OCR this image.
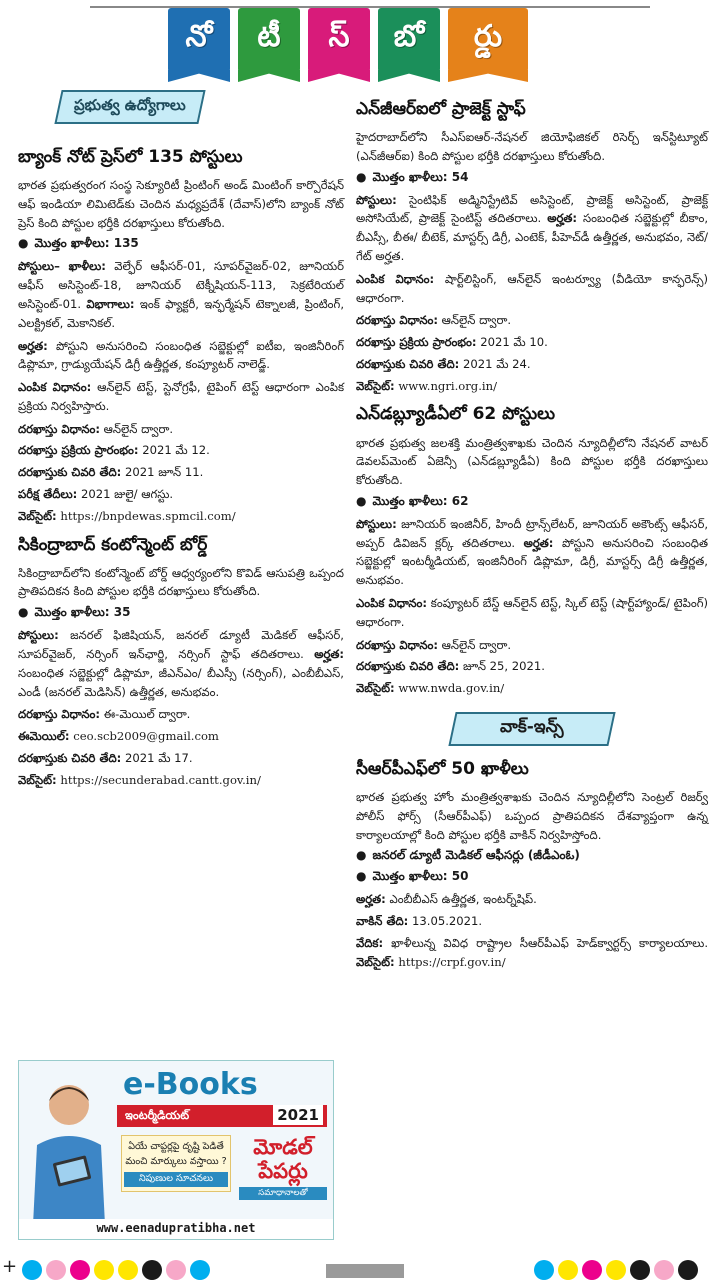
నో టీ స్ బో ర్డు
ప్రభుత్వ ఉద్యోగాలు
బ్యాంక్ నోట్ ప్రెస్‌లో 135 పోస్టులు

భారత ప్రభుత్వరంగ సంస్థ సెక్యూరిటీ ప్రింటింగ్ అండ్ మింటింగ్ కార్పొరేషన్ ఆఫ్ ఇండియా లిమిటెడ్‌కు చెందిన మధ్యప్రదేశ్ (దేవాస్)లోని బ్యాంక్ నోట్ ప్రెస్ కింది పోస్టుల భర్తీకి దరఖాస్తులు కోరుతోంది.

● మొత్తం ఖాళీలు: 135

పోస్టులు– ఖాళీలు: వెల్ఫేర్ ఆఫీసర్-01, సూపర్‌వైజర్-02, జూనియర్ ఆఫీస్ అసిస్టెంట్-18, జూనియర్ టెక్నీషియన్-113, సెక్రటేరియల్ అసిస్టెంట్-01. విభాగాలు: ఇంక్ ఫ్యాక్టరీ, ఇన్ఫర్మేషన్ టెక్నాలజీ, ప్రింటింగ్, ఎలక్ట్రికల్, మెకానికల్.

అర్హత: పోస్టుని అనుసరించి సంబంధిత సబ్జెక్టుల్లో ఐటీఐ, ఇంజినీరింగ్ డిప్లొమా, గ్రాడ్యుయేషన్ డిగ్రీ ఉత్తీర్ణత, కంప్యూటర్ నాలెడ్జ్.

ఎంపిక విధానం: ఆన్‌లైన్ టెస్ట్, స్టెనోగ్రఫీ, టైపింగ్ టెస్ట్ ఆధారంగా ఎంపిక ప్రక్రియ నిర్వహిస్తారు.

దరఖాస్తు విధానం: ఆన్‌లైన్ ద్వారా.

దరఖాస్తు ప్రక్రియ ప్రారంభం: 2021 మే 12.

దరఖాస్తుకు చివరి తేది: 2021 జూన్ 11.

పరీక్ష తేదీలు: 2021 జులై/ ఆగస్టు.

వెబ్‌సైట్: https://bnpdewas.spmcil.com/

సికింద్రాబాద్ కంటోన్మెంట్ బోర్డ్

సికింద్రాబాద్‌లోని కంటోన్మెంట్ బోర్డ్ ఆధ్వర్యంలోని కొవిడ్ ఆసుపత్రి ఒప్పంద ప్రాతిపదికన కింది పోస్టుల భర్తీకి దరఖాస్తులు కోరుతోంది.

● మొత్తం ఖాళీలు: 35

పోస్టులు: జనరల్ ఫిజిషియన్, జనరల్ డ్యూటీ మెడికల్ ఆఫీసర్, సూపర్‌వైజర్, నర్సింగ్ ఇన్‌ఛార్జి, నర్సింగ్ స్టాఫ్ తదితరాలు. అర్హత: సంబంధిత సబ్జెక్టుల్లో డిప్లొమా, జీఎన్ఎం/ బీఎస్సీ (నర్సింగ్), ఎంబీబీఎస్, ఎండీ (జనరల్ మెడిసిన్) ఉత్తీర్ణత, అనుభవం.

దరఖాస్తు విధానం: ఈ-మెయిల్ ద్వారా.

ఈమెయిల్: ceo.scb2009@gmail.com

దరఖాస్తుకు చివరి తేది: 2021 మే 17.

వెబ్‌సైట్: https://secunderabad.cantt.gov.in/

e-Books
ఇంటర్మీడియట్	2021
ఏయే చాప్టర్లపై దృష్టి పెడితే మంచి మార్కులు వస్తాయి ?
నిపుణుల సూచనలు
మోడల్ పేపర్లు
సమాధానాలతో
www.eenadupratibha.net
ఎన్‌జీఆర్ఐలో ప్రాజెక్ట్ స్టాఫ్

హైదరాబాద్‌లోని సీఎస్ఐఆర్-నేషనల్ జియోఫిజికల్ రిసెర్చ్ ఇన్‌స్టిట్యూట్ (ఎన్‌జీఆర్ఐ) కింది పోస్టుల భర్తీకి దరఖాస్తులు కోరుతోంది.

● మొత్తం ఖాళీలు: 54

పోస్టులు: సైంటిఫిక్ అడ్మినిస్ట్రేటివ్ అసిస్టెంట్, ప్రాజెక్ట్ అసిస్టెంట్, ప్రాజెక్ట్ అసోసియేట్, ప్రాజెక్ట్ సైంటిస్ట్ తదితరాలు. అర్హత: సంబంధిత సబ్జెక్టుల్లో బీకాం, బీఎస్సీ, బీఈ/ బీటెక్, మాస్టర్స్ డిగ్రీ, ఎంటెక్, పీహెచ్‌డీ ఉత్తీర్ణత, అనుభవం, నెట్/ గేట్ అర్హత.

ఎంపిక విధానం: షార్ట్‌లిస్టింగ్, ఆన్‌లైన్ ఇంటర్వ్యూ (వీడియో కాన్ఫరెన్స్) ఆధారంగా.

దరఖాస్తు విధానం: ఆన్‌లైన్ ద్వారా.

దరఖాస్తు ప్రక్రియ ప్రారంభం: 2021 మే 10.

దరఖాస్తుకు చివరి తేది: 2021 మే 24.

వెబ్‌సైట్: www.ngri.org.in/

ఎన్‌డబ్ల్యూడీఏలో 62 పోస్టులు

భారత ప్రభుత్వ జలశక్తి మంత్రిత్వశాఖకు చెందిన న్యూదిల్లీలోని నేషనల్ వాటర్ డెవలప్‌మెంట్ ఏజెన్సీ (ఎన్‌డబ్ల్యూడీఏ) కింది పోస్టుల భర్తీకి దరఖాస్తులు కోరుతోంది.

● మొత్తం ఖాళీలు: 62

పోస్టులు: జూనియర్ ఇంజినీర్, హిందీ ట్రాన్స్‌లేటర్, జూనియర్ అకౌంట్స్ ఆఫీసర్, అప్పర్ డివిజన్ క్లర్క్ తదితరాలు. అర్హత: పోస్టుని అనుసరించి సంబంధిత సబ్జెక్టుల్లో ఇంటర్మీడియట్, ఇంజినీరింగ్ డిప్లొమా, డిగ్రీ, మాస్టర్స్ డిగ్రీ ఉత్తీర్ణత, అనుభవం.

ఎంపిక విధానం: కంప్యూటర్ బేస్డ్ ఆన్‌లైన్ టెస్ట్, స్కిల్ టెస్ట్ (షార్ట్‌హ్యాండ్/ టైపింగ్) ఆధారంగా.

దరఖాస్తు విధానం: ఆన్‌లైన్ ద్వారా.

దరఖాస్తుకు చివరి తేది: జూన్ 25, 2021.

వెబ్‌సైట్: www.nwda.gov.in/

వాక్-ఇన్స్
సీఆర్‌పీఎఫ్‌లో 50 ఖాళీలు

భారత ప్రభుత్వ హోం మంత్రిత్వశాఖకు చెందిన న్యూదిల్లీలోని సెంట్రల్ రిజర్వ్ పోలీస్ ఫోర్స్ (సీఆర్‌పీఎఫ్) ఒప్పంద ప్రాతిపదికన దేశవ్యాప్తంగా ఉన్న కార్యాలయాల్లో కింది పోస్టుల భర్తీకి వాకిన్ నిర్వహిస్తోంది.

● జనరల్ డ్యూటీ మెడికల్ ఆఫీసర్లు (జీడీఎంఓ)
● మొత్తం ఖాళీలు: 50

అర్హత: ఎంబీబీఎస్ ఉత్తీర్ణత, ఇంటర్న్‌షిప్.

వాకిన్ తేది: 13.05.2021.

వేదిక: ఖాళీలున్న వివిధ రాష్ట్రాల సీఆర్‌పీఎఫ్ హెడ్‌క్వార్టర్స్ కార్యాలయాలు. వెబ్‌సైట్: https://crpf.gov.in/

+
